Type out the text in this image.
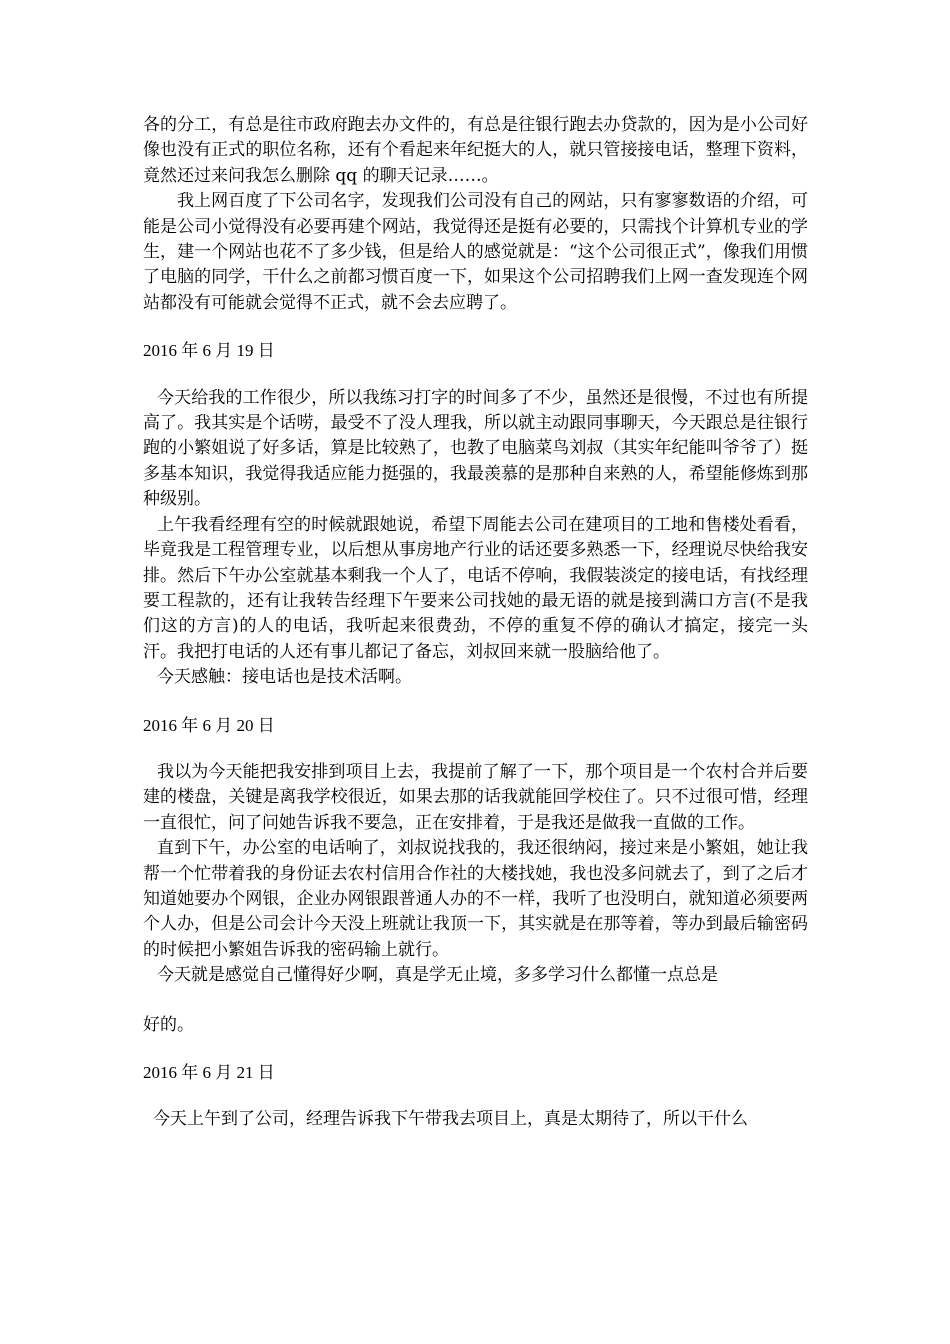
各的分工，有总是往市政府跑去办文件的，有总是往银行跑去办贷款的，因为是小公司好像也没有正式的职位名称，还有个看起来年纪挺大的人，就只管接接电话，整理下资料，竟然还过来问我怎么删除 qq 的聊天记录……。

我上网百度了下公司名字，发现我们公司没有自己的网站，只有寥寥数语的介绍，可能是公司小觉得没有必要再建个网站，我觉得还是挺有必要的，只需找个计算机专业的学生，建一个网站也花不了多少钱，但是给人的感觉就是：“这个公司很正式”，像我们用惯了电脑的同学，干什么之前都习惯百度一下，如果这个公司招聘我们上网一查发现连个网站都没有可能就会觉得不正式，就不会去应聘了。

2016 年 6 月 19 日

今天给我的工作很少，所以我练习打字的时间多了不少，虽然还是很慢，不过也有所提高了。我其实是个话唠，最受不了没人理我，所以就主动跟同事聊天，今天跟总是往银行跑的小繁姐说了好多话，算是比较熟了，也教了电脑菜鸟刘叔（其实年纪能叫爷爷了）挺多基本知识，我觉得我适应能力挺强的，我最羡慕的是那种自来熟的人，希望能修炼到那种级别。

上午我看经理有空的时候就跟她说，希望下周能去公司在建项目的工地和售楼处看看，毕竟我是工程管理专业，以后想从事房地产行业的话还要多熟悉一下，经理说尽快给我安排。然后下午办公室就基本剩我一个人了，电话不停响，我假装淡定的接电话，有找经理要工程款的，还有让我转告经理下午要来公司找她的最无语的就是接到满口方言(不是我们这的方言)的人的电话，我听起来很费劲，不停的重复不停的确认才搞定，接完一头汗。我把打电话的人还有事儿都记了备忘，刘叔回来就一股脑给他了。

今天感触：接电话也是技术活啊。

2016 年 6 月 20 日

我以为今天能把我安排到项目上去，我提前了解了一下，那个项目是一个农村合并后要建的楼盘，关键是离我学校很近，如果去那的话我就能回学校住了。只不过很可惜，经理一直很忙，问了问她告诉我不要急，正在安排着，于是我还是做我一直做的工作。

直到下午，办公室的电话响了，刘叔说找我的，我还很纳闷，接过来是小繁姐，她让我帮一个忙带着我的身份证去农村信用合作社的大楼找她，我也没多问就去了，到了之后才知道她要办个网银，企业办网银跟普通人办的不一样，我听了也没明白，就知道必须要两个人办，但是公司会计今天没上班就让我顶一下，其实就是在那等着，等办到最后输密码的时候把小繁姐告诉我的密码输上就行。

今天就是感觉自己懂得好少啊，真是学无止境，多多学习什么都懂一点总是

好的。

2016 年 6 月 21 日

今天上午到了公司，经理告诉我下午带我去项目上，真是太期待了，所以干什么
